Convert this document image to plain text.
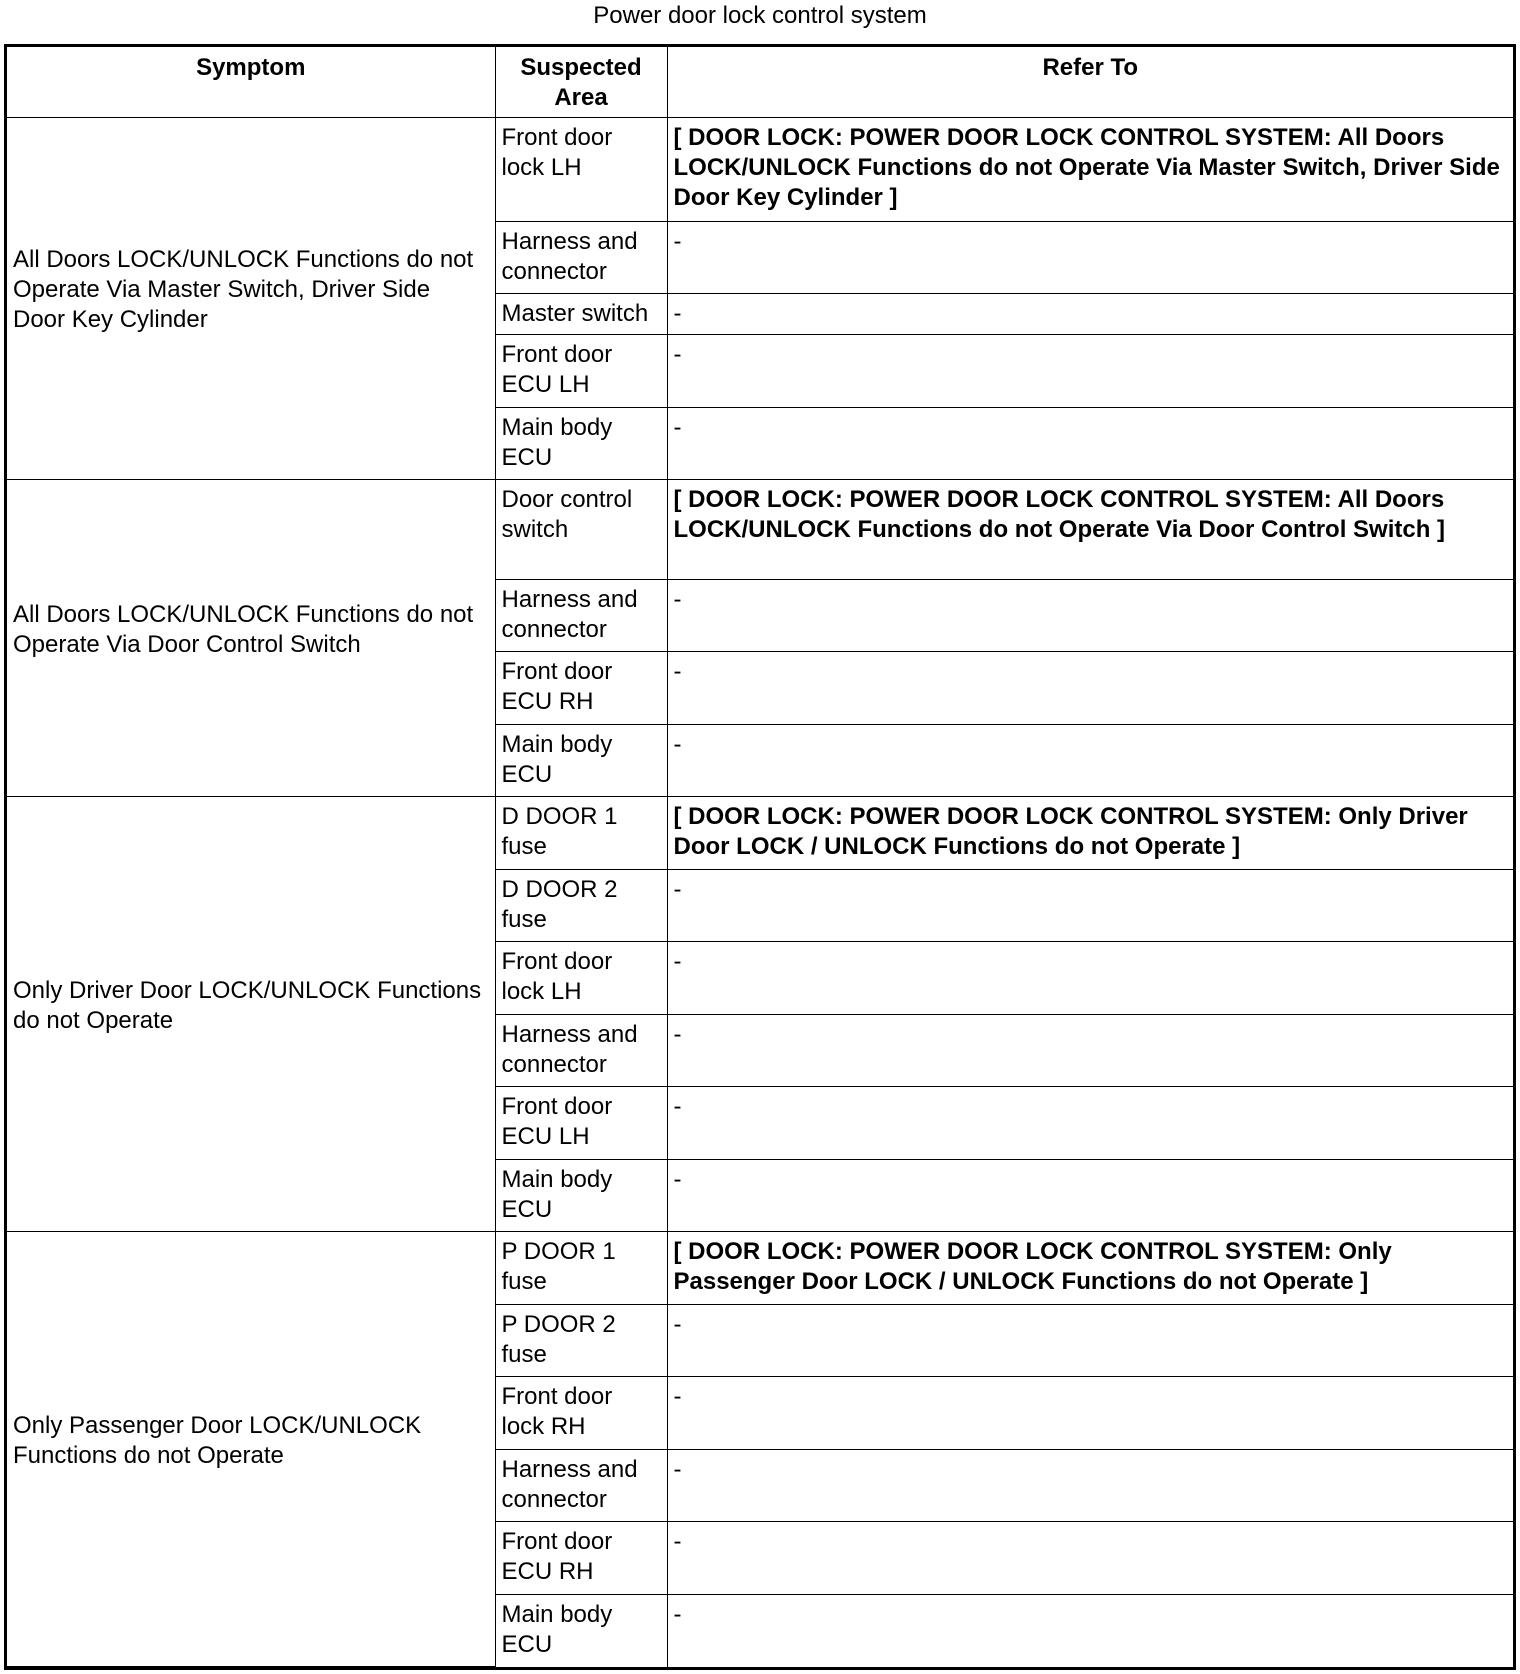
Power door lock control system
Symptom	Suspected Area	Refer To
All Doors LOCK/UNLOCK Functions do not Operate Via Master Switch, Driver Side Door Key Cylinder	Front door lock LH	[ DOOR LOCK: POWER DOOR LOCK CONTROL SYSTEM: All Doors LOCK/UNLOCK Functions do not Operate Via Master Switch, Driver Side Door Key Cylinder ]
	Harness and connector	-
	Master switch	-
	Front door ECU LH	-
	Main body ECU	-
All Doors LOCK/UNLOCK Functions do not Operate Via Door Control Switch	Door control switch	[ DOOR LOCK: POWER DOOR LOCK CONTROL SYSTEM: All Doors LOCK/UNLOCK Functions do not Operate Via Door Control Switch ]
	Harness and connector	-
	Front door ECU RH	-
	Main body ECU	-
Only Driver Door LOCK/UNLOCK Functions do not Operate	D DOOR 1 fuse	[ DOOR LOCK: POWER DOOR LOCK CONTROL SYSTEM: Only Driver Door LOCK / UNLOCK Functions do not Operate ]
	D DOOR 2 fuse	-
	Front door lock LH	-
	Harness and connector	-
	Front door ECU LH	-
	Main body ECU	-
Only Passenger Door LOCK/UNLOCK Functions do not Operate	P DOOR 1 fuse	[ DOOR LOCK: POWER DOOR LOCK CONTROL SYSTEM: Only Passenger Door LOCK / UNLOCK Functions do not Operate ]
	P DOOR 2 fuse	-
	Front door lock RH	-
	Harness and connector	-
	Front door ECU RH	-
	Main body ECU	-
